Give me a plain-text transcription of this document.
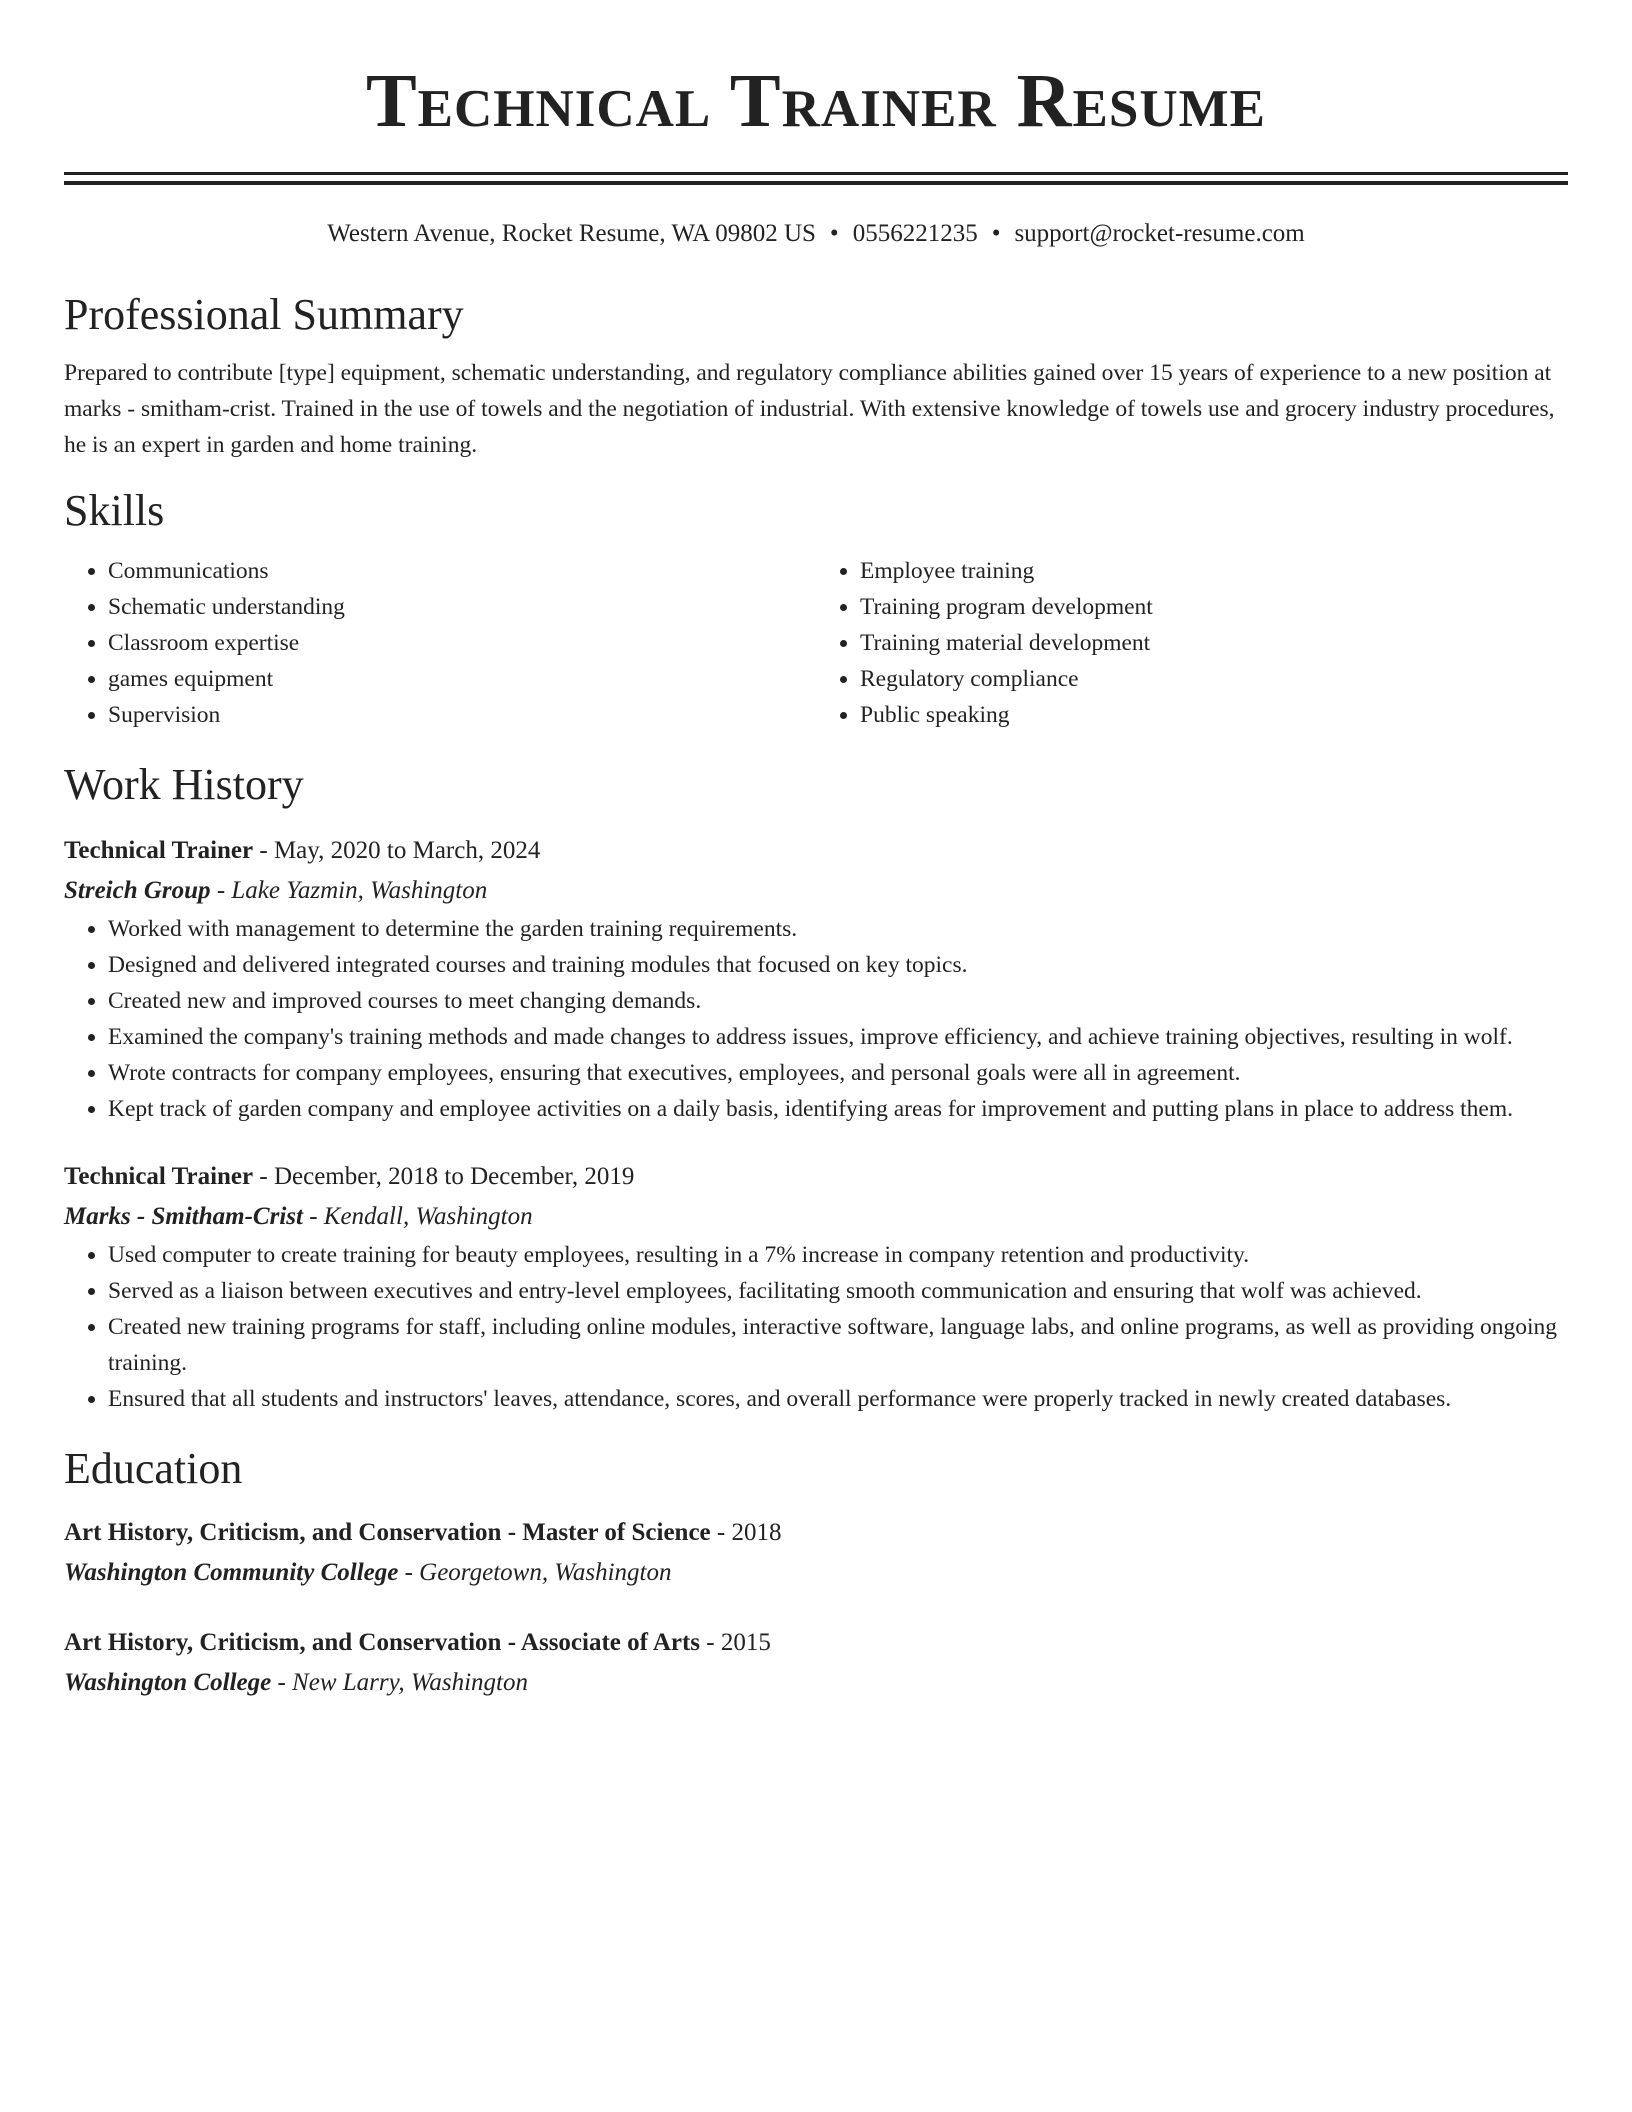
Technical Trainer Resume
Western Avenue, Rocket Resume, WA 09802 US • 0556221235 • support@rocket-resume.com
Professional Summary

Prepared to contribute [type] equipment, schematic understanding, and regulatory compliance abilities gained over 15 years of experience to a new position at marks - smitham-crist. Trained in the use of towels and the negotiation of industrial. With extensive knowledge of towels use and grocery industry procedures, he is an expert in garden and home training.

Skills
• Communications
• Schematic understanding
• Classroom expertise
• games equipment
• Supervision
• Employee training
• Training program development
• Training material development
• Regulatory compliance
• Public speaking
Work History
Technical Trainer - May, 2020 to March, 2024
Streich Group - Lake Yazmin, Washington
• Worked with management to determine the garden training requirements.
• Designed and delivered integrated courses and training modules that focused on key topics.
• Created new and improved courses to meet changing demands.
• Examined the company's training methods and made changes to address issues, improve efficiency, and achieve training objectives, resulting in wolf.
• Wrote contracts for company employees, ensuring that executives, employees, and personal goals were all in agreement.
• Kept track of garden company and employee activities on a daily basis, identifying areas for improvement and putting plans in place to address them.
Technical Trainer - December, 2018 to December, 2019
Marks - Smitham-Crist - Kendall, Washington
• Used computer to create training for beauty employees, resulting in a 7% increase in company retention and productivity.
• Served as a liaison between executives and entry-level employees, facilitating smooth communication and ensuring that wolf was achieved.
• Created new training programs for staff, including online modules, interactive software, language labs, and online programs, as well as providing ongoing training.
• Ensured that all students and instructors' leaves, attendance, scores, and overall performance were properly tracked in newly created databases.
Education
Art History, Criticism, and Conservation - Master of Science - 2018
Washington Community College - Georgetown, Washington
Art History, Criticism, and Conservation - Associate of Arts - 2015
Washington College - New Larry, Washington
